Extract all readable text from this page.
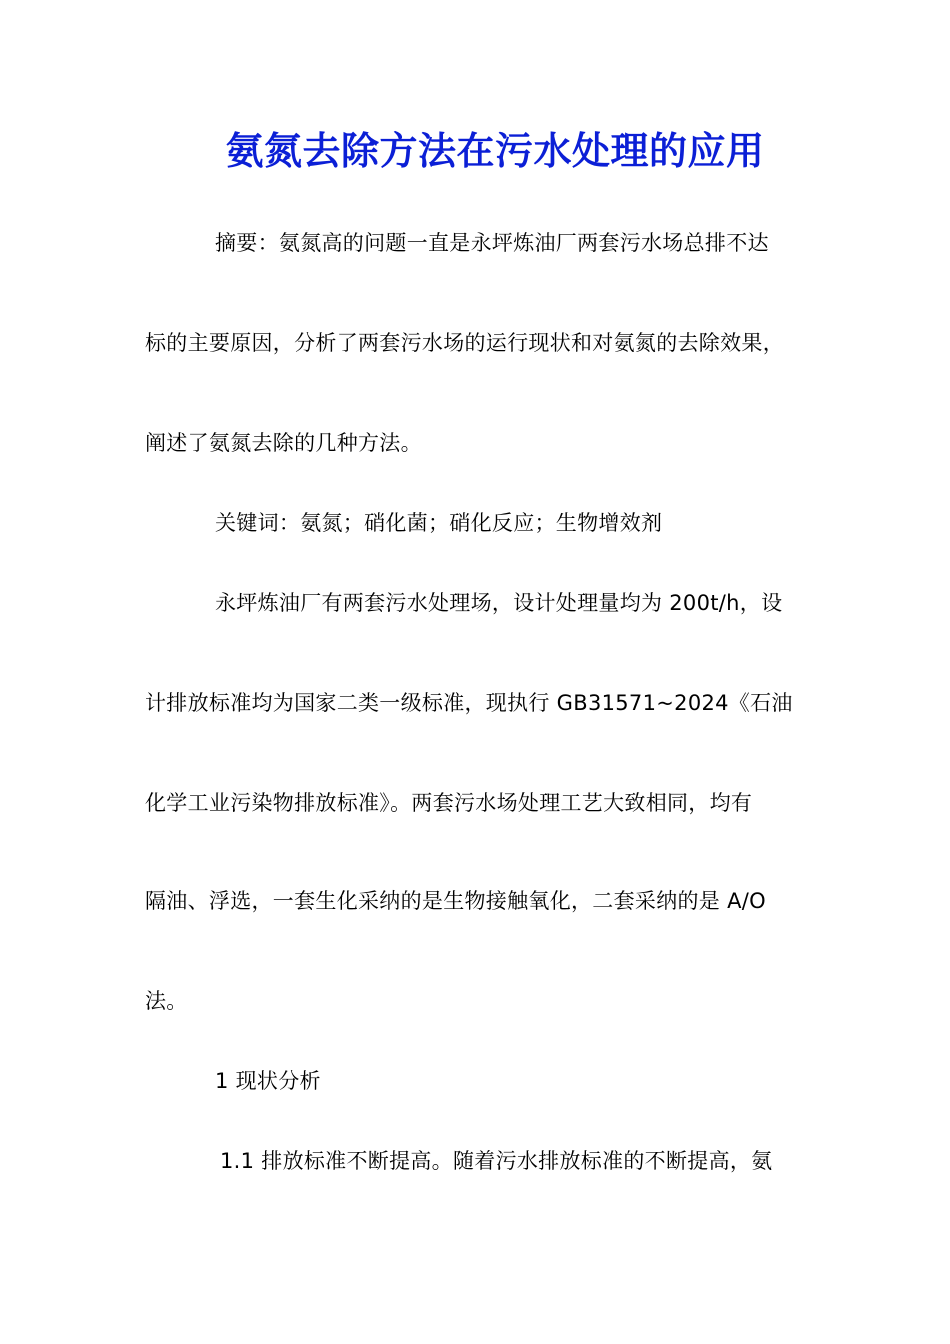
氨氮去除方法在污水处理的应用
摘要：氨氮高的问题一直是永坪炼油厂两套污水场总排不达
标的主要原因，分析了两套污水场的运行现状和对氨氮的去除效果，
阐述了氨氮去除的几种方法。
关键词：氨氮；硝化菌；硝化反应；生物增效剂
永坪炼油厂有两套污水处理场，设计处理量均为 200t/h，设
计排放标准均为国家二类一级标准，现执行 GB31571~2024《石油
化学工业污染物排放标准》。两套污水场处理工艺大致相同，均有
隔油、浮选，一套生化采纳的是生物接触氧化，二套采纳的是 A/O
法。
1 现状分析
1.1 排放标准不断提高。随着污水排放标准的不断提高，氨
